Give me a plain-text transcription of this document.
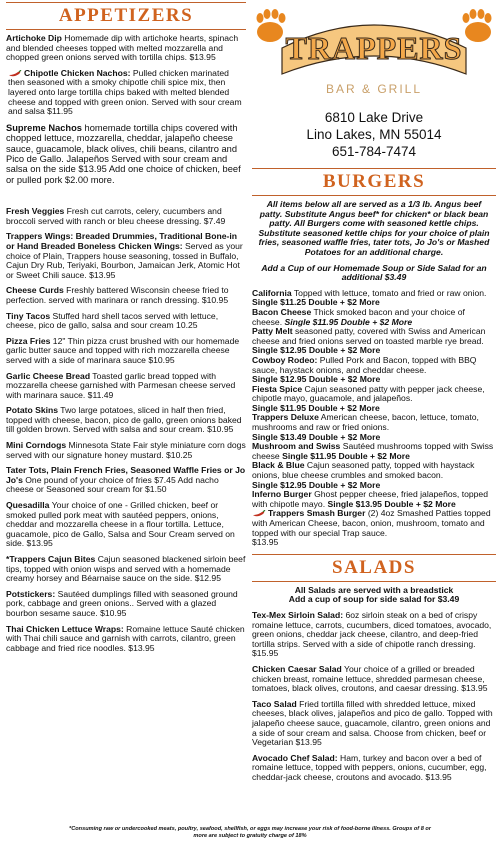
APPETIZERS
Artichoke Dip Homemade dip with artichoke hearts, spinach and blended cheeses topped with melted mozzarella and chopped green onions served with tortilla chips. $13.95
Chipotle Chicken Nachos: Pulled chicken marinated then seasoned with a smoky chipotle chili spice mix, then layered onto large tortilla chips baked with melted blended cheese and topped with green onion. Served with sour cream and salsa $11.95
Supreme Nachos homemade tortilla chips covered with chopped lettuce, mozzarella, cheddar, jalapeño cheese sauce, guacamole, black olives, chili beans, cilantro and Pico de Gallo. Jalapeños Served with sour cream and salsa on the side $13.95 Add one choice of chicken, beef or pulled pork $2.00 more.
Fresh Veggies Fresh cut carrots, celery, cucumbers and broccoli served with ranch or bleu cheese dressing. $7.49
Trappers Wings: Breaded Drummies, Traditional Bone-in or Hand Breaded Boneless Chicken Wings: Served as your choice of Plain, Trappers house seasoning, tossed in Buffalo, Cajun Dry Rub, Teriyaki, Bourbon, Jamaican Jerk, Atomic Hot or Sweet Chili sauce. $13.95
Cheese Curds Freshly battered Wisconsin cheese fried to perfection. served with marinara or ranch dressing. $10.95
Tiny Tacos Stuffed hard shell tacos served with lettuce, cheese, pico de gallo, salsa and sour cream 10.25
Pizza Fries 12" Thin pizza crust brushed with our homemade garlic butter sauce and topped with rich mozzarella cheese served with a side of marinara sauce $10.95
Garlic Cheese Bread Toasted garlic bread topped with mozzarella cheese garnished with Parmesan cheese served with marinara sauce. $11.49
Potato Skins Two large potatoes, sliced in half then fried, topped with cheese, bacon, pico de gallo, green onions baked till golden brown. Served with salsa and sour cream. $10.95
Mini Corndogs Minnesota State Fair style miniature corn dogs served with our signature honey mustard. $10.25
Tater Tots, Plain French Fries, Seasoned Waffle Fries or Jo Jo's One pound of your choice of fries $7.45 Add nacho cheese or Seasoned sour cream for $1.50
Quesadilla Your choice of one - Grilled chicken, beef or smoked pulled pork meat with sautéed peppers, onions, cheddar and mozzarella cheese in a flour tortilla. Lettuce, guacamole, pico de Gallo, Salsa and Sour Cream served on side. $13.95
*Trappers Cajun Bites Cajun seasoned blackened sirloin beef tips, topped with onion wisps and served with a homemade creamy horsey and Béarnaise sauce on the side. $12.95
Potstickers: Sautéed dumplings filled with seasoned ground pork, cabbage and green onions.. Served with a glazed bourbon sesame sauce. $10.95
Thai Chicken Lettuce Wraps: Romaine lettuce Sauté chicken with Thai chili sauce and garnish with carrots, cilantro, green cabbage and fried rice noodles. $13.95
TRAPPERS
BAR & GRILL
6810 Lake Drive
Lino Lakes, MN 55014
651-784-7474
BURGERS
All items below all are served as a 1/3 lb. Angus beef patty. Substitute Angus beef* for chicken* or black bean patty. All Burgers come with seasoned kettle chips. Substitute seasoned kettle chips for your choice of plain fries, seasoned waffle fries, tater tots, Jo Jo's or Mashed Potatoes for an additional charge.
Add a Cup of our Homemade Soup or Side Salad for an additional $3.49
California Topped with lettuce, tomato and fried or raw onion.
Single $11.25 Double + $2 More
Bacon Cheese Thick smoked bacon and your choice of cheese. Single $11.95 Double + $2 More
Patty Melt seasoned patty, covered with Swiss and American cheese and fried onions served on toasted marble rye bread.
Single $12.95 Double + $2 More
Cowboy Rodeo: Pulled Pork and Bacon, topped with BBQ sauce, haystack onions, and cheddar cheese.
Single $12.95 Double + $2 More
Fiesta Spice Cajun seasoned patty with pepper jack cheese, chipotle mayo, guacamole, and jalapeños.
Single $11.95 Double + $2 More
Trappers Deluxe American cheese, bacon, lettuce, tomato, mushrooms and raw or fried onions.
Single $13.49 Double + $2 More
Mushroom and Swiss Sautéed mushrooms topped with Swiss cheese Single $11.95 Double + $2 More
Black & Blue Cajun seasoned patty, topped with haystack onions, blue cheese crumbles and smoked bacon.
Single $12.95 Double + $2 More
Inferno Burger Ghost pepper cheese, fried jalapeños, topped with chipotle mayo. Single $13.95 Double + $2 More
Trappers Smash Burger (2) 4oz Smashed Patties topped with American Cheese, bacon, onion, mushroom, tomato and topped with our special Trap sauce.
$13.95
SALADS
All Salads are served with a breadstick
Add a cup of soup for side salad for $3.49
Tex-Mex Sirloin Salad: 6oz sirloin steak on a bed of crispy romaine lettuce, carrots, cucumbers, diced tomatoes, avocado, green onions, cheddar jack cheese, cilantro, and deep-fried tortilla strips. Served with a side of chipotle ranch dressing. $15.95
Chicken Caesar Salad Your choice of a grilled or breaded chicken breast, romaine lettuce, shredded parmesan cheese, tomatoes, black olives, croutons, and caesar dressing. $13.95
Taco Salad Fried tortilla filled with shredded lettuce, mixed cheeses, black olives, jalapeños and pico de gallo. Topped with jalapeño cheese sauce, guacamole, cilantro, green onions and a side of sour cream and salsa. Choose from chicken, beef or Vegetarian $13.95
Avocado Chef Salad: Ham, turkey and bacon over a bed of romaine lettuce, topped with peppers, onions, cucumber, egg, cheddar-jack cheese, croutons and avocado. $13.95
*Consuming raw or undercooked meats, poultry, seafood, shellfish, or eggs may increase your risk of food-borne illness. Groups of 8 or
more are subject to gratuity charge of 18%
